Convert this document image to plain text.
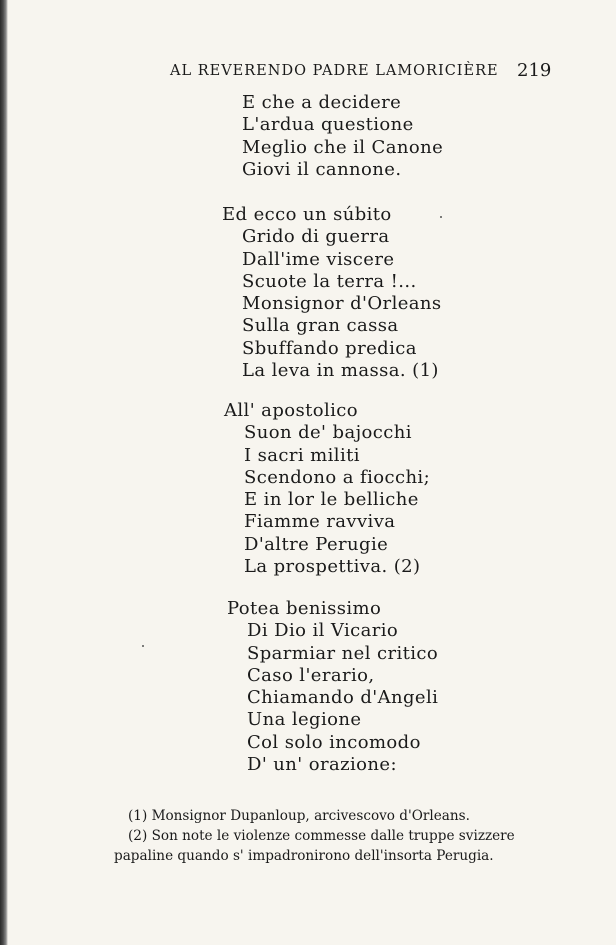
AL REVERENDO PADRE LAMORICIÈRE 219
E che a decidere
L'ardua questione
Meglio che il Canone
Giovi il cannone.
Ed ecco un súbito
Grido di guerra
Dall'ime viscere
Scuote la terra !...
Monsignor d'Orleans
Sulla gran cassa
Sbuffando predica
La leva in massa. (1)
All' apostolico
Suon de' bajocchi
I sacri militi
Scendono a fiocchi;
E in lor le belliche
Fiamme ravviva
D'altre Perugie
La prospettiva. (2)
Potea benissimo
Di Dio il Vicario
Sparmiar nel critico
Caso l'erario,
Chiamando d'Angeli
Una legione
Col solo incomodo
D' un' orazione:
(1) Monsignor Dupanloup, arcivescovo d'Orleans.
(2) Son note le violenze commesse dalle truppe svizzere
papaline quando s' impadronirono dell'insorta Perugia.
